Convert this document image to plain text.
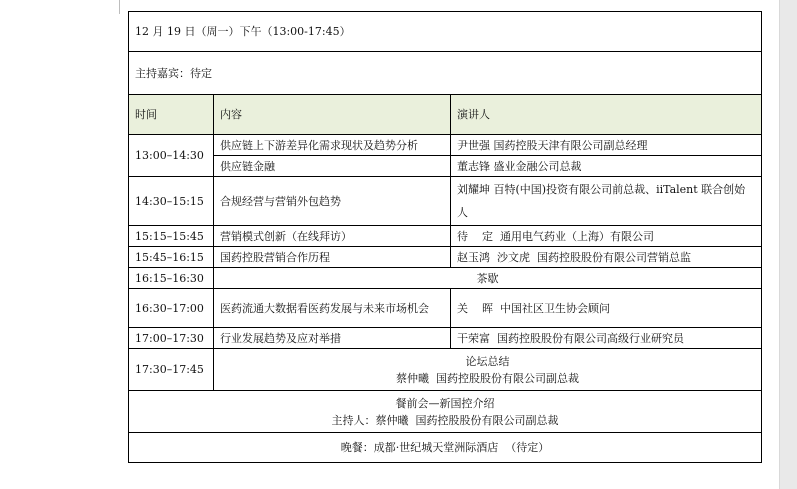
12 月 19 日（周一）下午（13:00-17:45）		
主持嘉宾：待定		
时间	内容	演讲人
13:00–14:30	供应链上下游差异化需求现状及趋势分析	尹世强 国药控股天津有限公司副总经理
	供应链金融	董志锋 盛业金融公司总裁
14:30–15:15	合规经营与营销外包趋势	刘耀坤 百特(中国)投资有限公司前总裁、iiTalent 联合创始人
15:15–15:45	营销模式创新（在线拜访）	待    定  通用电气药业（上海）有限公司
15:45–16:15	国药控股营销合作历程	赵玉鸿  沙文虎  国药控股股份有限公司营销总监
16:15–16:30	茶歇	
16:30–17:00	医药流通大数据看医药发展与未来市场机会	关    晖  中国社区卫生协会顾问
17:00–17:30	行业发展趋势及应对举措	干荣富  国药控股股份有限公司高级行业研究员
17:30–17:45	论坛总结
蔡仲曦  国药控股股份有限公司副总裁	

餐前会—新国控介绍
主持人：蔡仲曦  国药控股股份有限公司副总裁		

晚餐：成都·世纪城天堂洲际酒店  （待定）		
